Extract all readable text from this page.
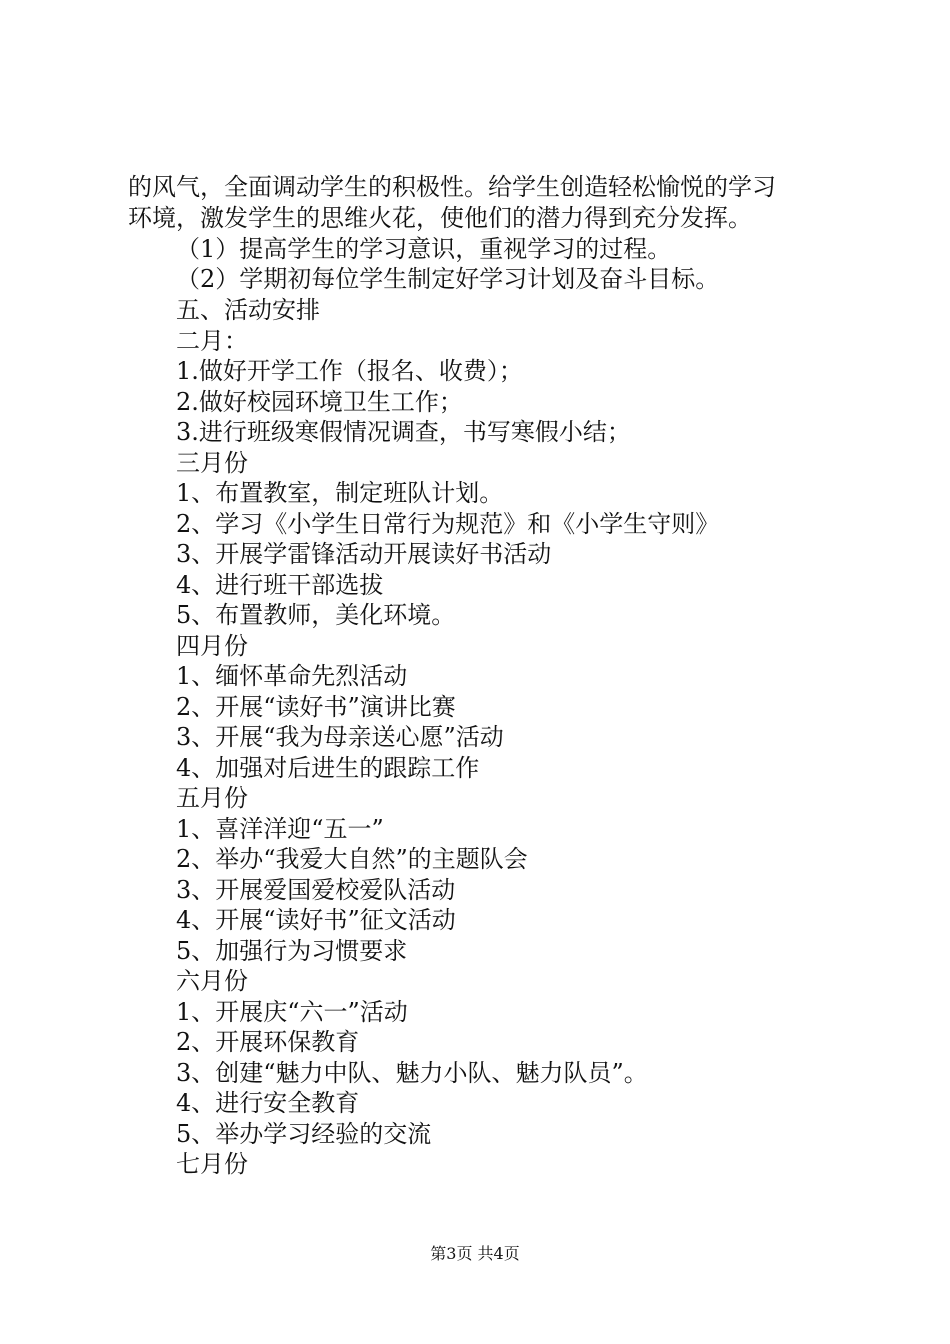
的风气，全面调动学生的积极性。给学生创造轻松愉悦的学习
环境，激发学生的思维火花，使他们的潜力得到充分发挥。
（1）提高学生的学习意识，重视学习的过程。
（2）学期初每位学生制定好学习计划及奋斗目标。
五、活动安排
二月：
1.做好开学工作（报名、收费）；
2.做好校园环境卫生工作；
3.进行班级寒假情况调查，书写寒假小结；
三月份
1、布置教室，制定班队计划。
2、学习《小学生日常行为规范》和《小学生守则》
3、开展学雷锋活动开展读好书活动
4、进行班干部选拔
5、布置教师，美化环境。
四月份
1、缅怀革命先烈活动
2、开展“读好书”演讲比赛
3、开展“我为母亲送心愿”活动
4、加强对后进生的跟踪工作
五月份
1、喜洋洋迎“五一”
2、举办“我爱大自然”的主题队会
3、开展爱国爱校爱队活动
4、开展“读好书”征文活动
5、加强行为习惯要求
六月份
1、开展庆“六一”活动
2、开展环保教育
3、创建“魅力中队、魅力小队、魅力队员”。
4、进行安全教育
5、举办学习经验的交流
七月份
第3页 共4页
